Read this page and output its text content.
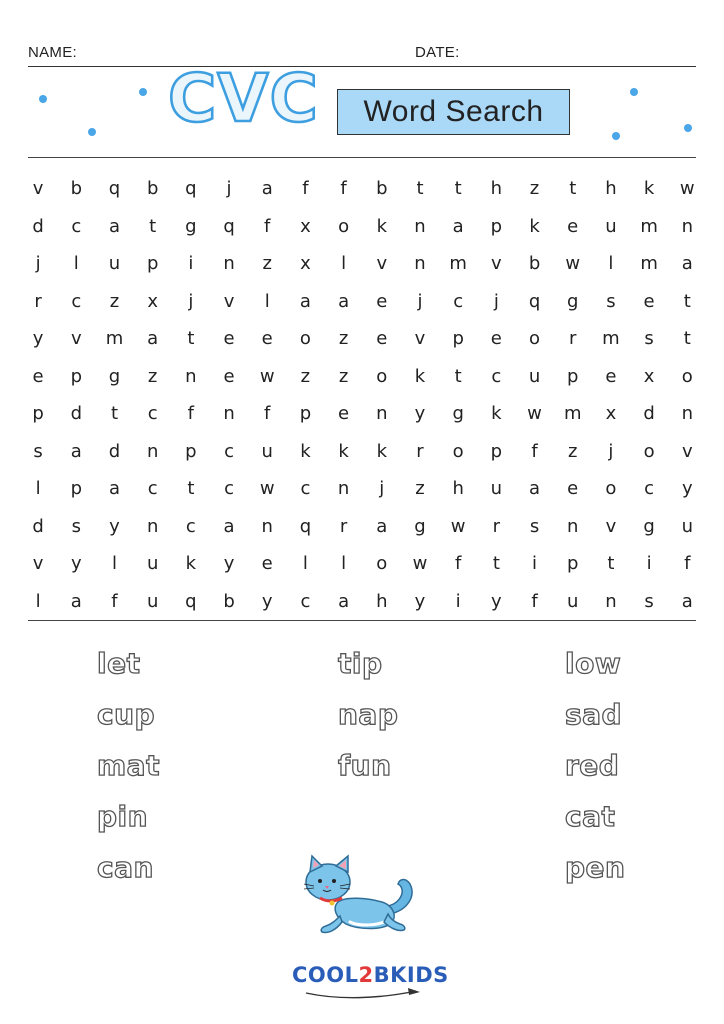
NAME:	DATE:
CVC	Word Search
v	b	q	b	q	j	a	f	f	b	t	t	h	z	t	h	k	w
d	c	a	t	g	q	f	x	o	k	n	a	p	k	e	u	m	n
j	l	u	p	i	n	z	x	l	v	n	m	v	b	w	l	m	a
r	c	z	x	j	v	l	a	a	e	j	c	j	q	g	s	e	t
y	v	m	a	t	e	e	o	z	e	v	p	e	o	r	m	s	t
e	p	g	z	n	e	w	z	z	o	k	t	c	u	p	e	x	o
p	d	t	c	f	n	f	p	e	n	y	g	k	w	m	x	d	n
s	a	d	n	p	c	u	k	k	k	r	o	p	f	z	j	o	v
l	p	a	c	t	c	w	c	n	j	z	h	u	a	e	o	c	y
d	s	y	n	c	a	n	q	r	a	g	w	r	s	n	v	g	u
v	y	l	u	k	y	e	l	l	o	w	f	t	i	p	t	i	f
l	a	f	u	q	b	y	c	a	h	y	i	y	f	u	n	s	a
let
cup
mat
pin
can
tip
nap
fun
low
sad
red
cat
pen
COOL2BKIDS
